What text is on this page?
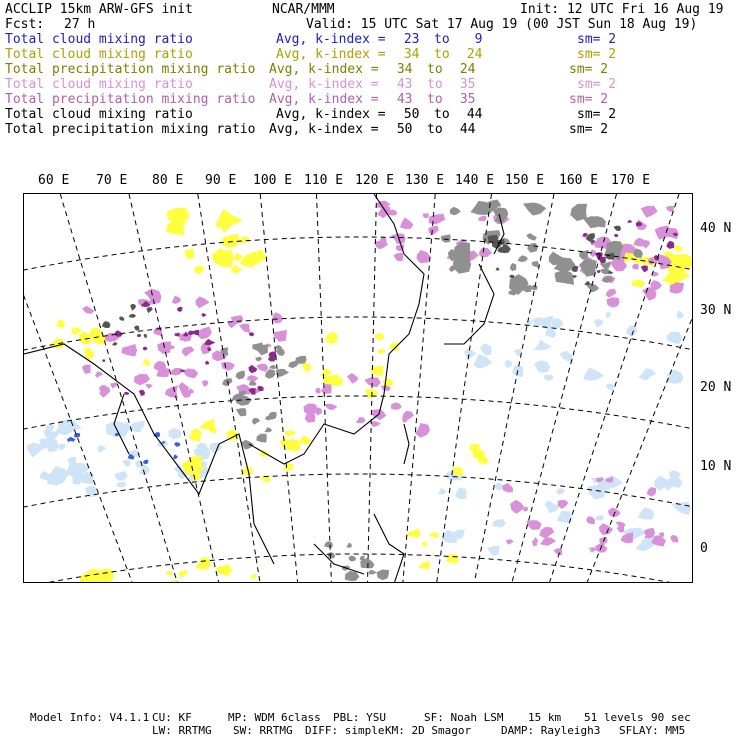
ACCLIP 15km ARW-GFS init	NCAR/MMM	Init: 12 UTC Fri 16 Aug 19
Fcst: 27 h	Valid: 15 UTC Sat 17 Aug 19 (00 JST Sun 18 Aug 19)
Total cloud mixing ratio	Avg, k-index = 23 to 9	sm= 2
Total cloud mixing ratio	Avg, k-index = 34 to 24	sm= 2
Total precipitation mixing ratio Avg, k-index = 34 to 24	sm= 2
Total cloud mixing ratio	Avg, k-index = 43 to 35	sm= 2
Total precipitation mixing ratio Avg, k-index = 43 to 35	sm= 2
Total cloud mixing ratio	Avg, k-index = 50 to 44	sm= 2
Total precipitation mixing ratio Avg, k-index = 50 to 44	sm= 2
60 E 70 E 80 E 90 E 100 E 110 E 120 E 130 E 140 E 150 E 160 E 170 E
40 N
30 N
20 N
10 N
0
Model Info: V4.1.1 CU: KF	MP: WDM 6class PBL: YSU	SF: Noah LSM 15 km 51 levels 90 sec
LW: RRTMG SW: RRTMG DIFF: simple KM: 2D Smagor	DAMP: Rayleigh3 SFLAY: MM5
